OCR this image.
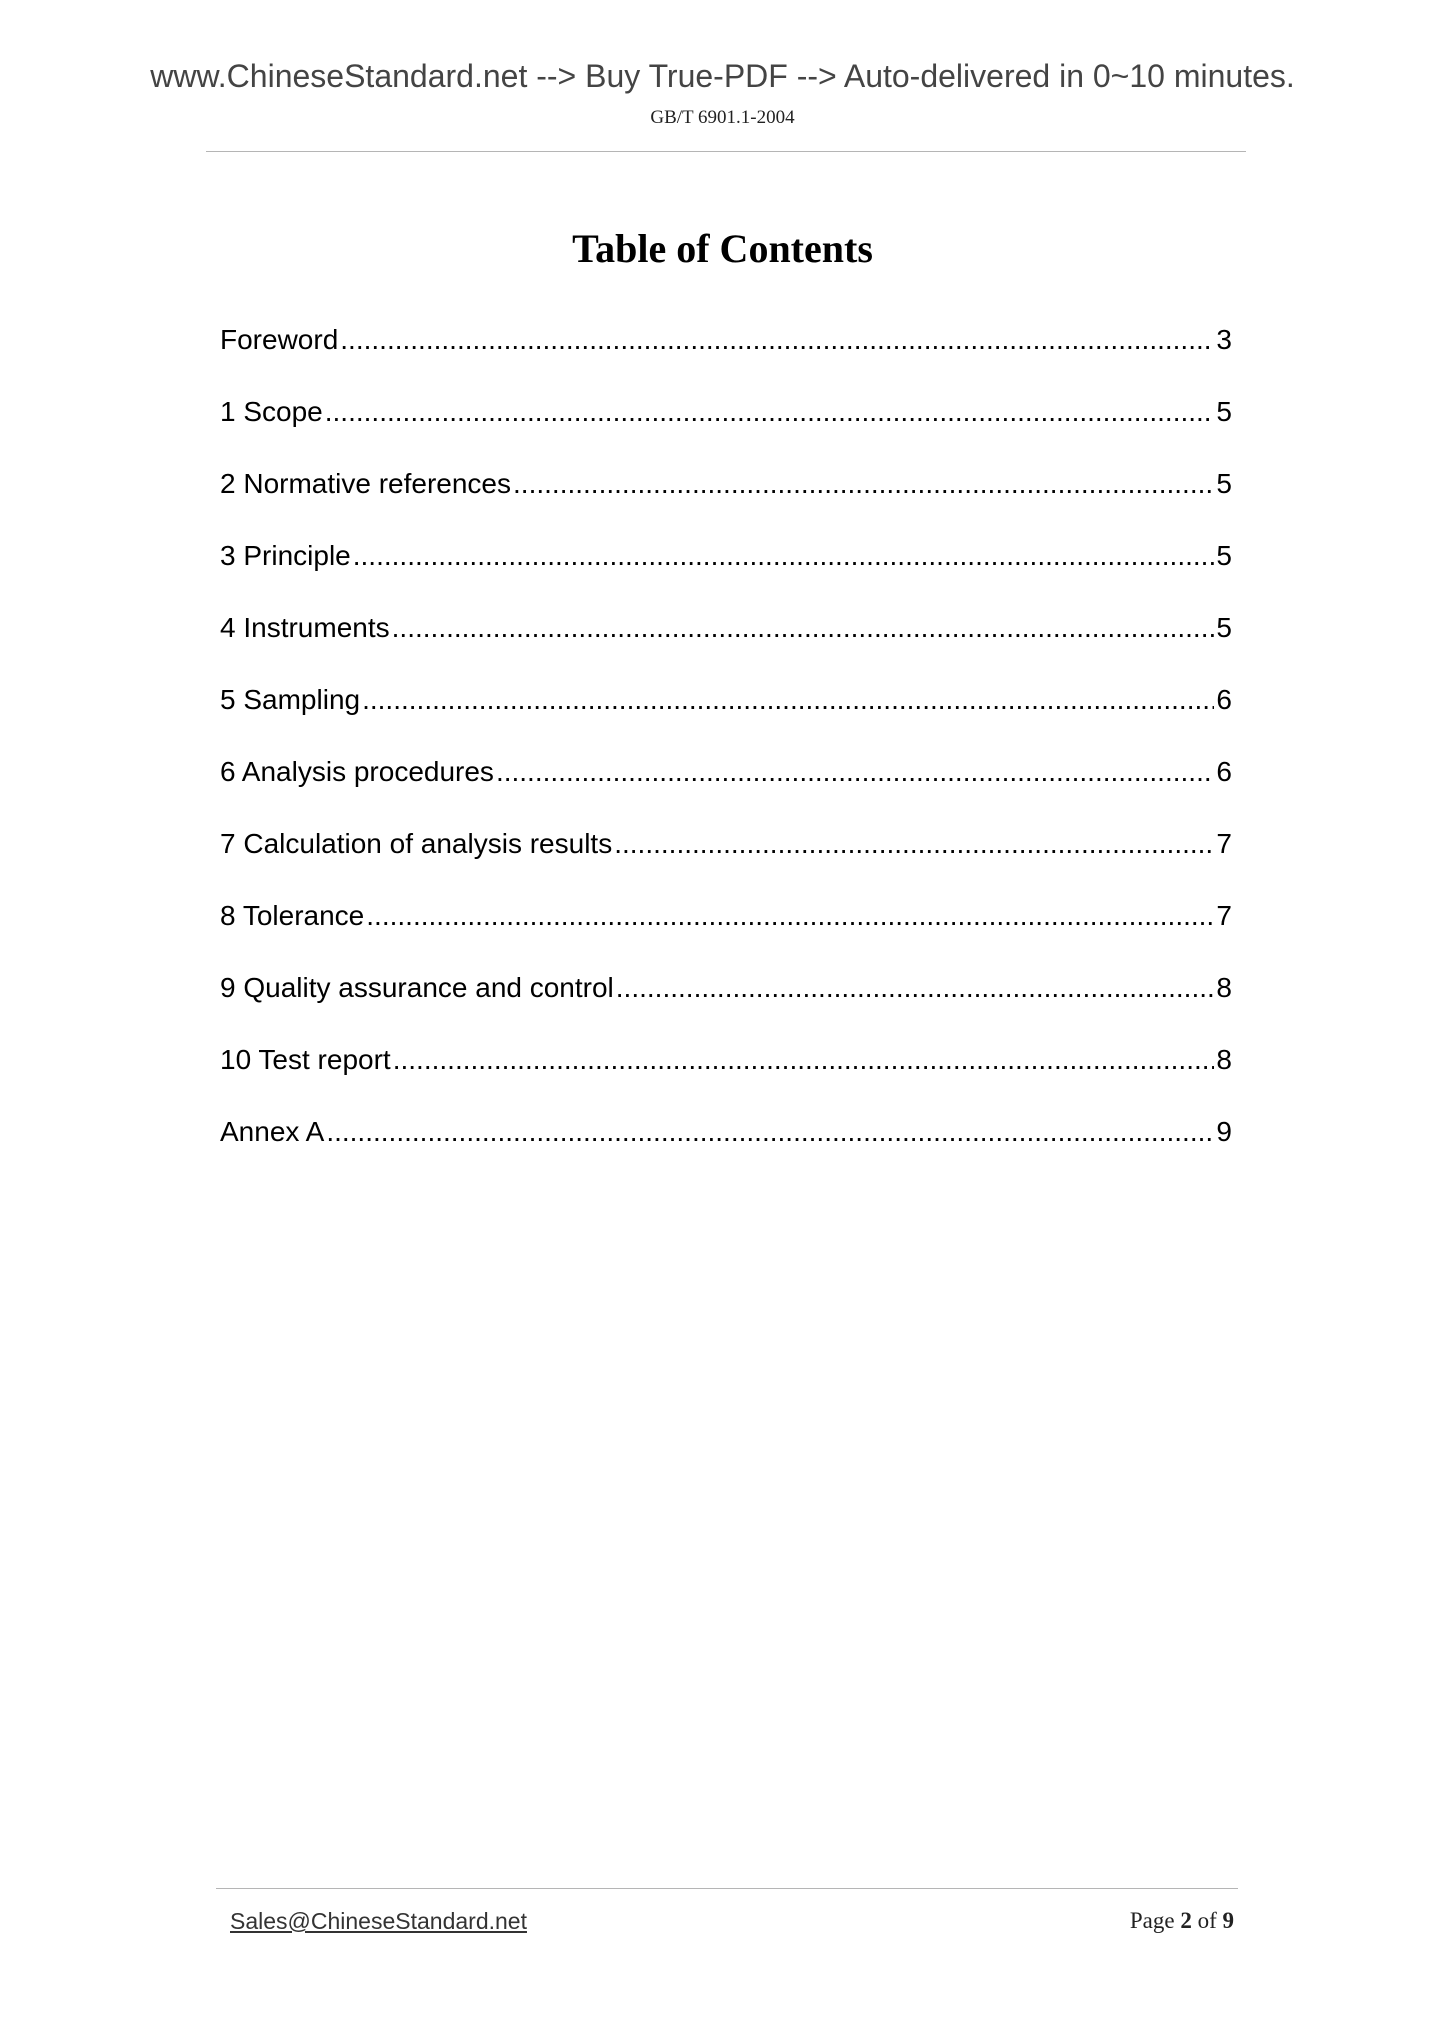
www.ChineseStandard.net --> Buy True-PDF --> Auto-delivered in 0~10 minutes.
GB/T 6901.1-2004
Table of Contents
Foreword .....	3
1 Scope .....	5
2 Normative references .....	5
3 Principle .....	5
4 Instruments .....	5
5 Sampling .....	6
6 Analysis procedures .....	6
7 Calculation of analysis results .....	7
8 Tolerance .....	7
9 Quality assurance and control .....	8
10 Test report .....	8
Annex A .....	9
Sales@ChineseStandard.net	Page 2 of 9
